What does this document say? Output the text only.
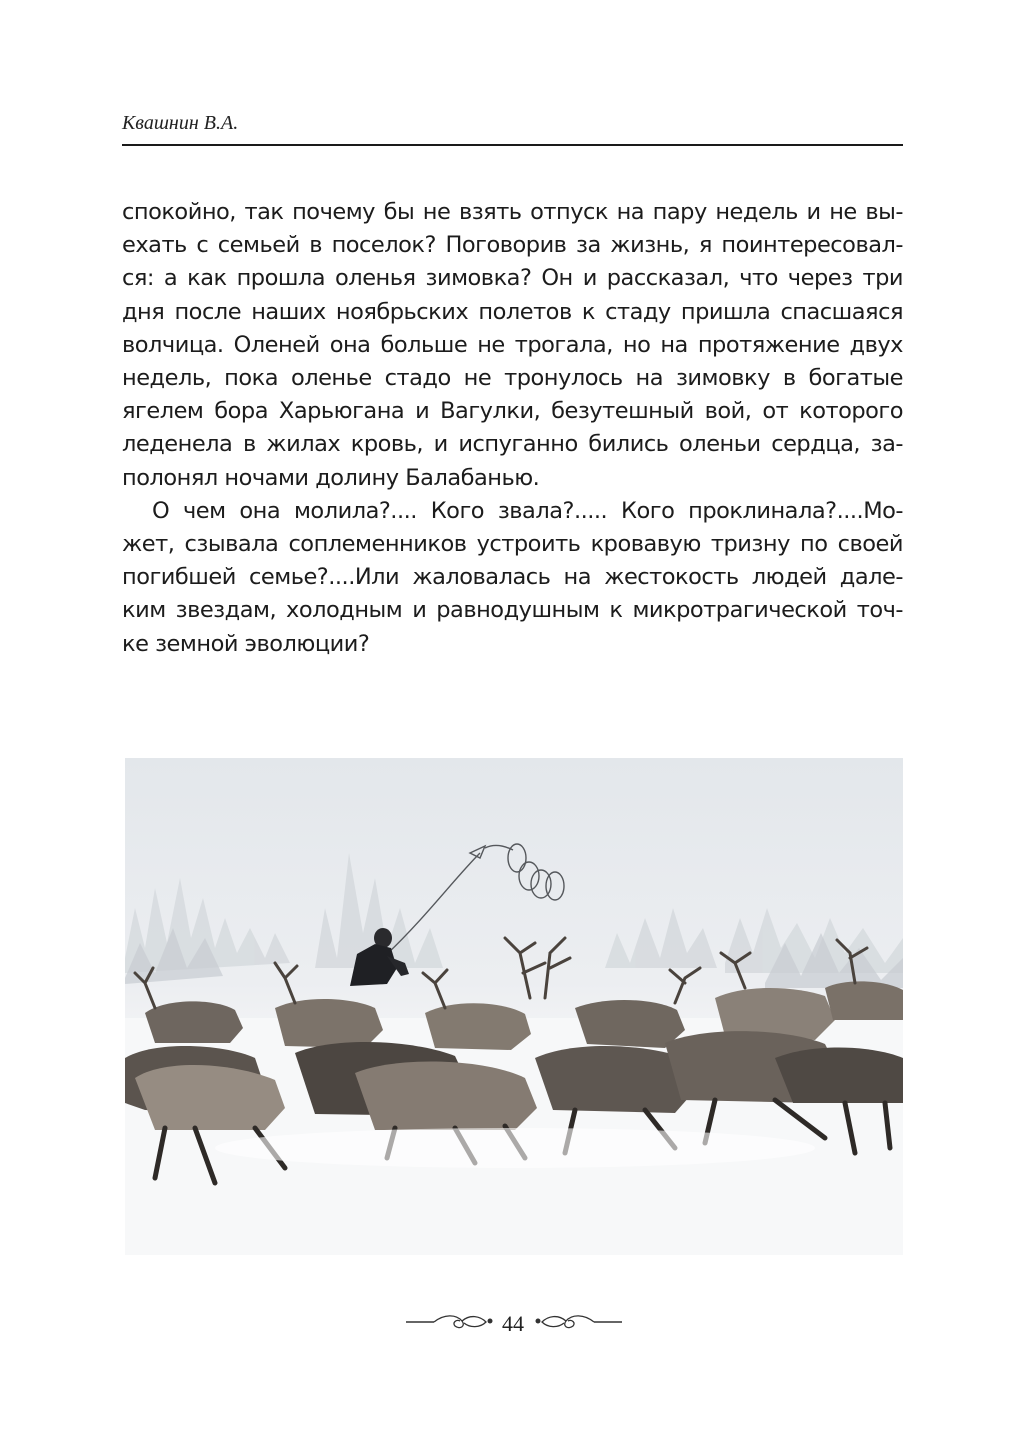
Квашнин В.А.
спокойно, так почему бы не взять отпуск на пару недель и не вы-
ехать с семьей в поселок? Поговорив за жизнь, я поинтересовал-
ся: а как прошла оленья зимовка? Он и рассказал, что через три
дня после наших ноябрьских полетов к стаду пришла спасшаяся
волчица. Оленей она больше не трогала, но на протяжение двух
недель, пока оленье стадо не тронулось на зимовку в богатые
ягелем бора Харьюгана и Вагулки, безутешный вой, от которого
леденела в жилах кровь, и испуганно бились оленьи сердца, за-
полонял ночами долину Балабанью.
О чем она молила?.... Кого звала?..... Кого проклинала?....Мо-
жет, сзывала соплеменников устроить кровавую тризну по своей
погибшей семье?....Или жаловалась на жестокость людей дале-
ким звездам, холодным и равнодушным к микротрагической точ-
ке земной эволюции?
44
